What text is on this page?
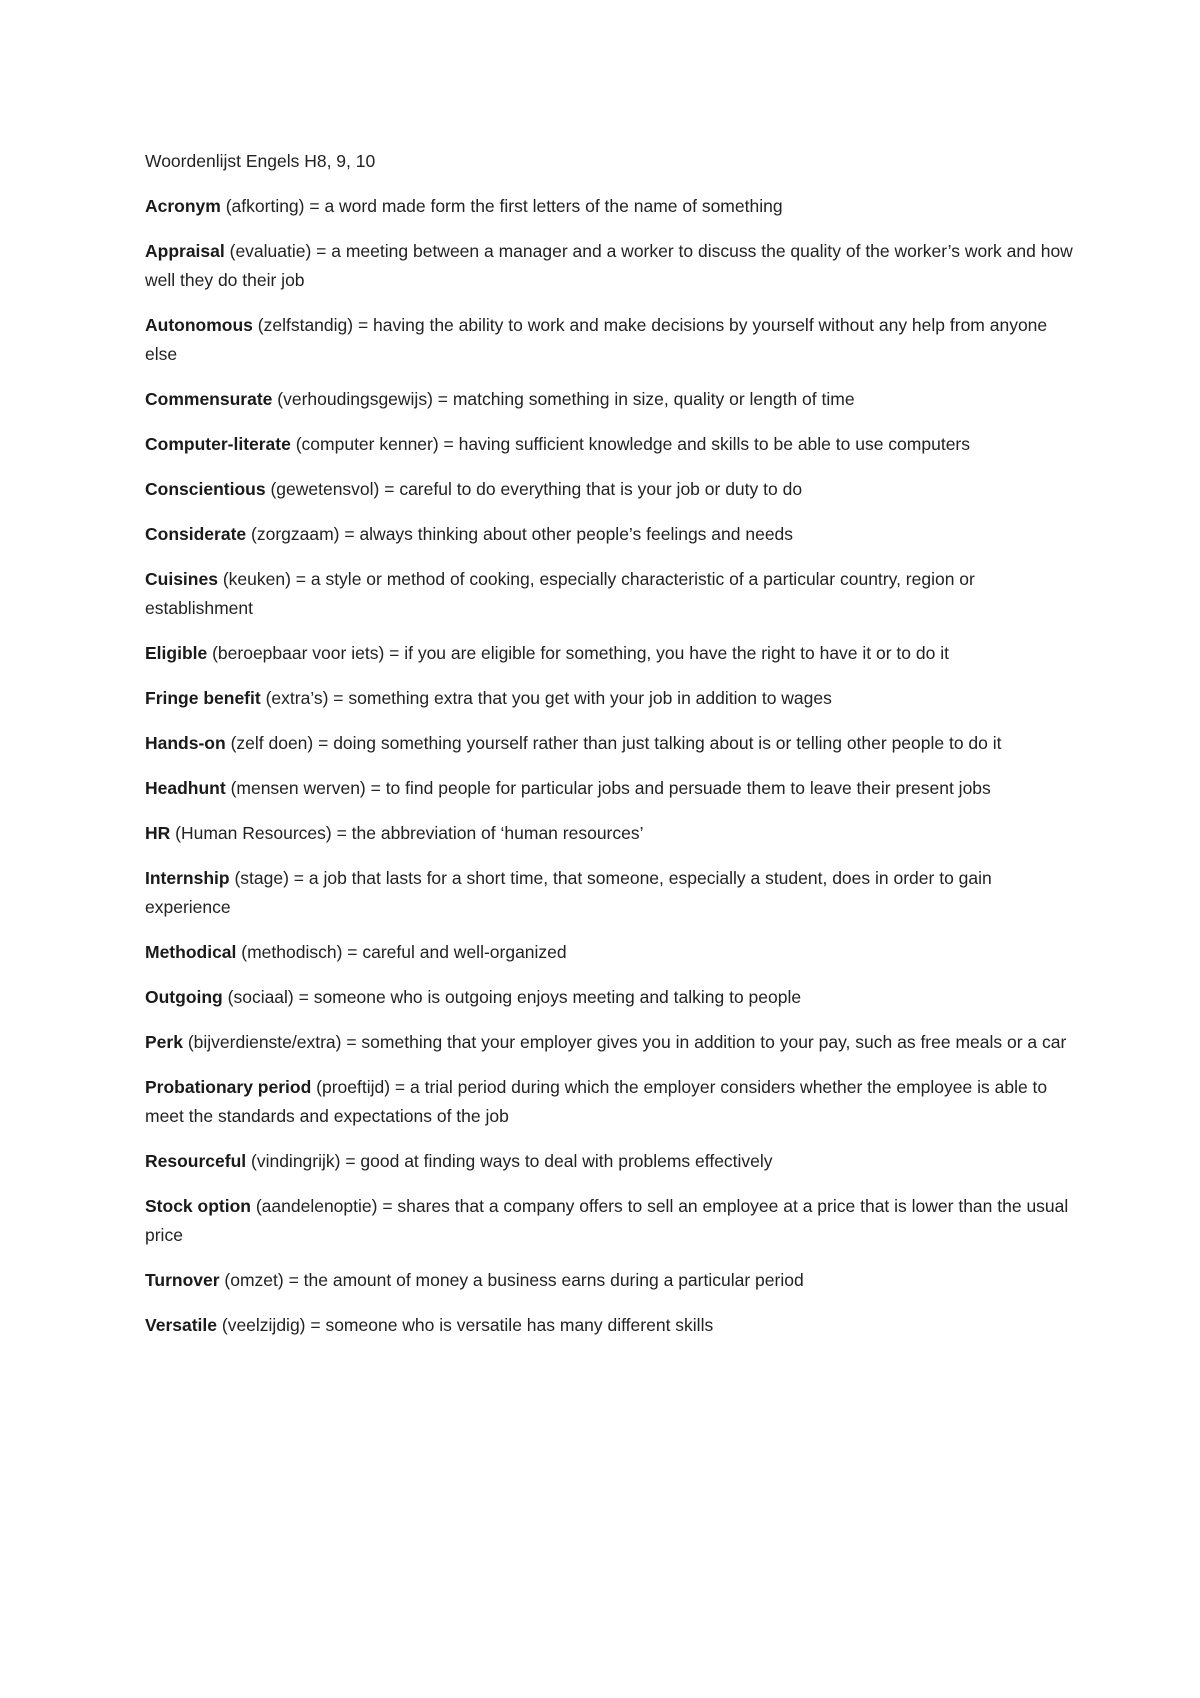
Woordenlijst Engels H8, 9, 10

Acronym (afkorting) = a word made form the first letters of the name of something

Appraisal (evaluatie) = a meeting between a manager and a worker to discuss the quality of the worker’s work and how well they do their job

Autonomous (zelfstandig) = having the ability to work and make decisions by yourself without any help from anyone else

Commensurate (verhoudingsgewijs) = matching something in size, quality or length of time

Computer-literate (computer kenner) = having sufficient knowledge and skills to be able to use computers

Conscientious (gewetensvol) = careful to do everything that is your job or duty to do

Considerate (zorgzaam) = always thinking about other people’s feelings and needs

Cuisines (keuken) = a style or method of cooking, especially characteristic of a particular country, region or establishment

Eligible (beroepbaar voor iets) = if you are eligible for something, you have the right to have it or to do it

Fringe benefit (extra’s) = something extra that you get with your job in addition to wages

Hands-on (zelf doen) = doing something yourself rather than just talking about is or telling other people to do it

Headhunt (mensen werven) = to find people for particular jobs and persuade them to leave their present jobs

HR (Human Resources) = the abbreviation of ‘human resources’

Internship (stage) = a job that lasts for a short time, that someone, especially a student, does in order to gain experience

Methodical (methodisch) = careful and well-organized

Outgoing (sociaal) = someone who is outgoing enjoys meeting and talking to people

Perk (bijverdienste/extra) = something that your employer gives you in addition to your pay, such as free meals or a car

Probationary period (proeftijd) = a trial period during which the employer considers whether the employee is able to meet the standards and expectations of the job

Resourceful (vindingrijk) = good at finding ways to deal with problems effectively

Stock option (aandelenoptie) = shares that a company offers to sell an employee at a price that is lower than the usual price

Turnover (omzet) = the amount of money a business earns during a particular period

Versatile (veelzijdig) = someone who is versatile has many different skills
